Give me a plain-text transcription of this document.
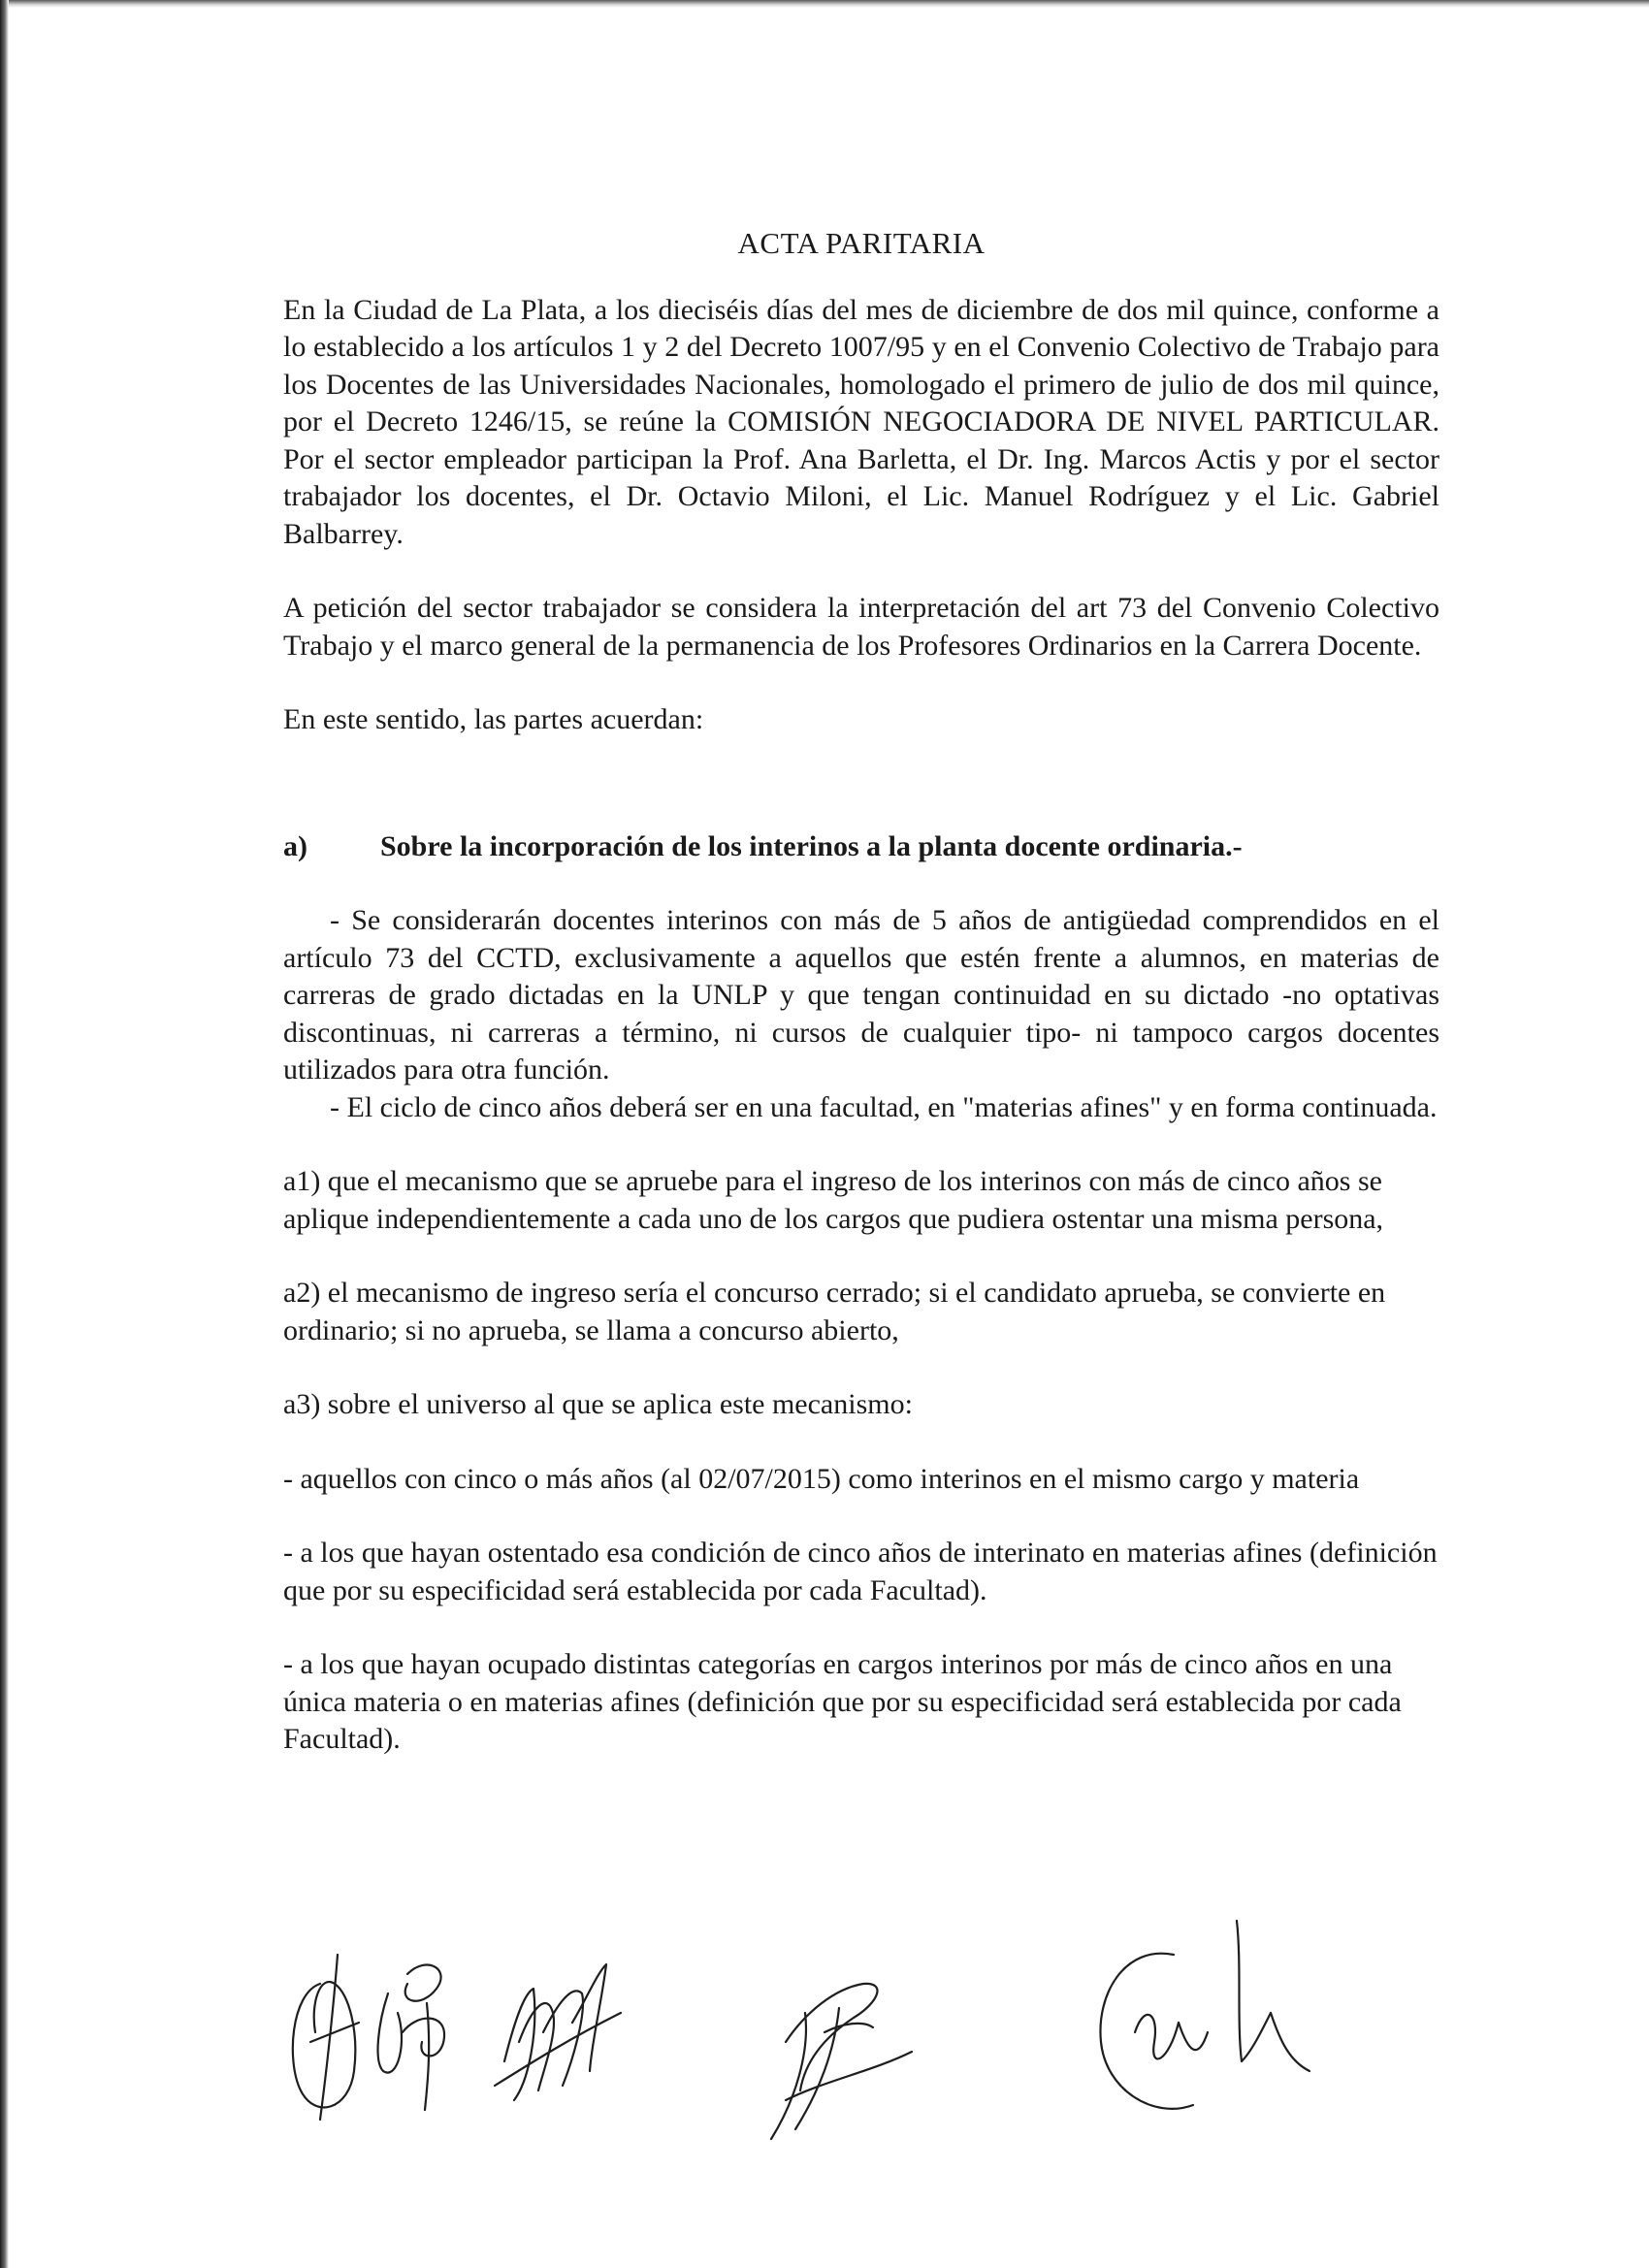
ACTA PARITARIA

En la Ciudad de La Plata, a los dieciséis días del mes de diciembre de dos mil quince, conforme a lo establecido a los artículos 1 y 2 del Decreto 1007/95 y en el Convenio Colectivo de Trabajo para los Docentes de las Universidades Nacionales, homologado el primero de julio de dos mil quince, por el Decreto 1246/15, se reúne la COMISIÓN NEGOCIADORA DE NIVEL PARTICULAR. Por el sector empleador participan la Prof. Ana Barletta, el Dr. Ing. Marcos Actis y por el sector trabajador los docentes, el Dr. Octavio Miloni, el Lic. Manuel Rodríguez y el Lic. Gabriel Balbarrey.

A petición del sector trabajador se considera la interpretación del art 73 del Convenio Colectivo Trabajo y el marco general de la permanencia de los Profesores Ordinarios en la Carrera Docente.

En este sentido, las partes acuerdan:

a)	Sobre la incorporación de los interinos a la planta docente ordinaria.-

- Se considerarán docentes interinos con más de 5 años de antigüedad comprendidos en el artículo 73 del CCTD, exclusivamente a aquellos que estén frente a alumnos, en materias de carreras de grado dictadas en la UNLP y que tengan continuidad en su dictado -no optativas discontinuas, ni carreras a término, ni cursos de cualquier tipo- ni tampoco cargos docentes utilizados para otra función.

- El ciclo de cinco años deberá ser en una facultad, en "materias afines" y en forma continuada.

a1) que el mecanismo que se apruebe para el ingreso de los interinos con más de cinco años se aplique independientemente a cada uno de los cargos que pudiera ostentar una misma persona,

a2) el mecanismo de ingreso sería el concurso cerrado; si el candidato aprueba, se convierte en ordinario; si no aprueba, se llama a concurso abierto,

a3) sobre el universo al que se aplica este mecanismo:

- aquellos con cinco o más años (al 02/07/2015) como interinos en el mismo cargo y materia

- a los que hayan ostentado esa condición de cinco años de interinato en materias afines (definición que por su especificidad será establecida por cada Facultad).

- a los que hayan ocupado distintas categorías en cargos interinos por más de cinco años en una única materia o en materias afines (definición que por su especificidad será establecida por cada Facultad).
